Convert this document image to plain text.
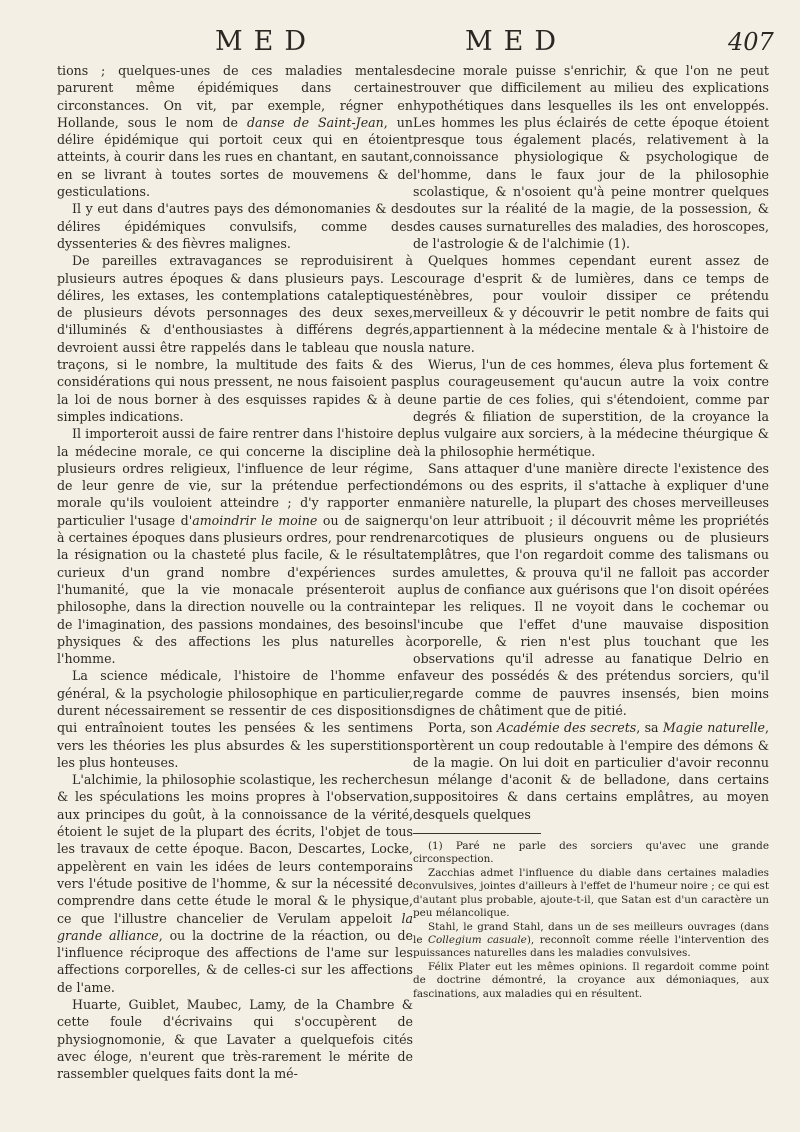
MED	MED	407

tions ; quelques-unes de ces maladies mentales parurent même épidémiques dans certaines circonstances. On vit, par exemple, régner en Hollande, sous le nom de danse de Saint-Jean, un délire épidémique qui portoit ceux qui en étoient atteints, à courir dans les rues en chantant, en sautant, en se livrant à toutes sortes de mouvemens & de gesticulations.

Il y eut dans d'autres pays des démonomanies & des délires épidémiques convulsifs, comme des dyssenteries & des fièvres malignes.

De pareilles extravagances se reproduisirent à plusieurs autres époques & dans plusieurs pays. Les délires, les extases, les contemplations cataleptiques de plusieurs dévots personnages des deux sexes, d'illuminés & d'enthousiastes à différens degrés, devroient aussi être rappelés dans le tableau que nous traçons, si le nombre, la multitude des faits & des considérations qui nous pressent, ne nous faisoient pas la loi de nous borner à des esquisses rapides & à de simples indications.

Il importeroit aussi de faire rentrer dans l'histoire de la médecine morale, ce qui concerne la discipline de plusieurs ordres religieux, l'influence de leur régime, de leur genre de vie, sur la prétendue perfection morale qu'ils vouloient atteindre ; d'y rapporter en particulier l'usage d'amoindrir le moine ou de saigner à certaines époques dans plusieurs ordres, pour rendre la résignation ou la chasteté plus facile, & le résultat curieux d'un grand nombre d'expériences sur l'humanité, que la vie monacale présenteroit au philosophe, dans la direction nouvelle ou la contrainte de l'imagination, des passions mondaines, des besoins physiques & des affections les plus naturelles à l'homme.

La science médicale, l'histoire de l'homme en général, & la psychologie philosophique en particulier, durent nécessairement se ressentir de ces dispositions qui entraînoient toutes les pensées & les sentimens vers les théories les plus absurdes & les superstitions les plus honteuses.

L'alchimie, la philosophie scolastique, les recherches & les spéculations les moins propres à l'observation, aux principes du goût, à la connoissance de la vérité, étoient le sujet de la plupart des écrits, l'objet de tous les travaux de cette époque. Bacon, Descartes, Locke, appelèrent en vain les idées de leurs contemporains vers l'étude positive de l'homme, & sur la nécessité de comprendre dans cette étude le moral & le physique, ce que l'illustre chancelier de Verulam appeloit la grande alliance, ou la doctrine de la réaction, ou de l'influence réciproque des affections de l'ame sur les affections corporelles, & de celles-ci sur les affections de l'ame.

Huarte, Guiblet, Maubec, Lamy, de la Chambre & cette foule d'écrivains qui s'occupèrent de physiognomonie, & que Lavater a quelquefois cités avec éloge, n'eurent que très-rarement le mérite de rassembler quelques faits dont la mé-

decine morale puisse s'enrichir, & que l'on ne peut trouver que difficilement au milieu des explications hypothétiques dans lesquelles ils les ont enveloppés. Les hommes les plus éclairés de cette époque étoient presque tous également placés, relativement à la connoissance physiologique & psychologique de l'homme, dans le faux jour de la philosophie scolastique, & n'osoient qu'à peine montrer quelques doutes sur la réalité de la magie, de la possession, & des causes surnaturelles des maladies, des horoscopes, de l'astrologie & de l'alchimie (1).

Quelques hommes cependant eurent assez de courage d'esprit & de lumières, dans ce temps de ténèbres, pour vouloir dissiper ce prétendu merveilleux & y découvrir le petit nombre de faits qui appartiennent à la médecine mentale & à l'histoire de la nature.

Wierus, l'un de ces hommes, éleva plus fortement & plus courageusement qu'aucun autre la voix contre une partie de ces folies, qui s'étendoient, comme par degrés & filiation de superstition, de la croyance la plus vulgaire aux sorciers, à la médecine théurgique & à la philosophie hermétique.

Sans attaquer d'une manière directe l'existence des démons ou des esprits, il s'attache à expliquer d'une manière naturelle, la plupart des choses merveilleuses qu'on leur attribuoit ; il découvrit même les propriétés narcotiques de plusieurs onguens ou de plusieurs emplâtres, que l'on regardoit comme des talismans ou des amulettes, & prouva qu'il ne falloit pas accorder plus de confiance aux guérisons que l'on disoit opérées par les reliques. Il ne voyoit dans le cochemar ou l'incube que l'effet d'une mauvaise disposition corporelle, & rien n'est plus touchant que les observations qu'il adresse au fanatique Delrio en faveur des possédés & des prétendus sorciers, qu'il regarde comme de pauvres insensés, bien moins dignes de châtiment que de pitié.

Porta, son Académie des secrets, sa Magie naturelle, portèrent un coup redoutable à l'empire des démons & de la magie. On lui doit en particulier d'avoir reconnu un mélange d'aconit & de belladone, dans certains suppositoires & dans certains emplâtres, au moyen desquels quelques

(1) Paré ne parle des sorciers qu'avec une grande circonspection.

Zacchias admet l'influence du diable dans certaines maladies convulsives, jointes d'ailleurs à l'effet de l'humeur noire ; ce qui est d'autant plus probable, ajoute-t-il, que Satan est d'un caractère un peu mélancolique.

Stahl, le grand Stahl, dans un de ses meilleurs ouvrages (dans le Collegium casuale), reconnoît comme réelle l'intervention des puissances naturelles dans les maladies convulsives.

Félix Plater eut les mêmes opinions. Il regardoit comme point de doctrine démontré, la croyance aux démoniaques, aux fascinations, aux maladies qui en résultent.
